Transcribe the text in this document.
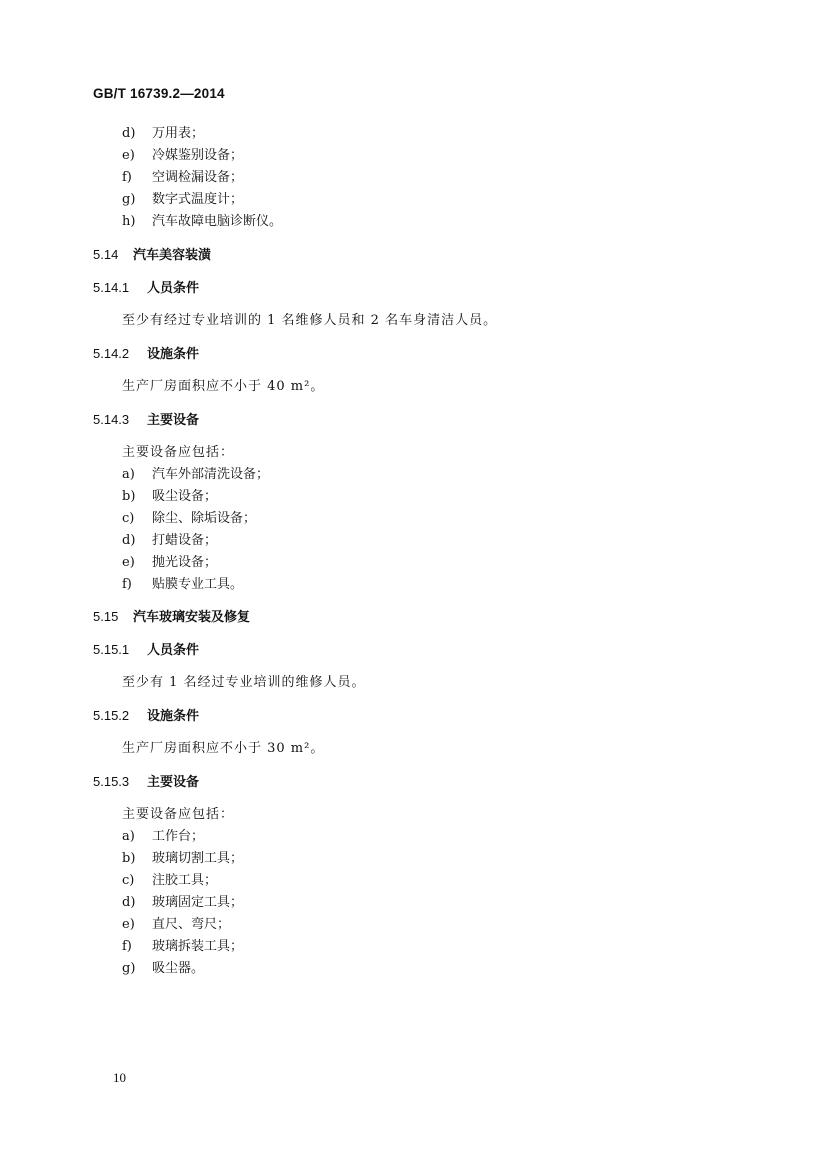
GB/T 16739.2—2014
d) 万用表；
e) 冷媒鉴别设备；
f) 空调检漏设备；
g) 数字式温度计；
h) 汽车故障电脑诊断仪。
5.14 汽车美容装潢
5.14.1 人员条件
至少有经过专业培训的 1 名维修人员和 2 名车身清洁人员。
5.14.2 设施条件
生产厂房面积应不小于 40 m²。
5.14.3 主要设备
主要设备应包括：
a) 汽车外部清洗设备；
b) 吸尘设备；
c) 除尘、除垢设备；
d) 打蜡设备；
e) 抛光设备；
f) 贴膜专业工具。
5.15 汽车玻璃安装及修复
5.15.1 人员条件
至少有 1 名经过专业培训的维修人员。
5.15.2 设施条件
生产厂房面积应不小于 30 m²。
5.15.3 主要设备
主要设备应包括：
a) 工作台；
b) 玻璃切割工具；
c) 注胶工具；
d) 玻璃固定工具；
e) 直尺、弯尺；
f) 玻璃拆装工具；
g) 吸尘器。
10
